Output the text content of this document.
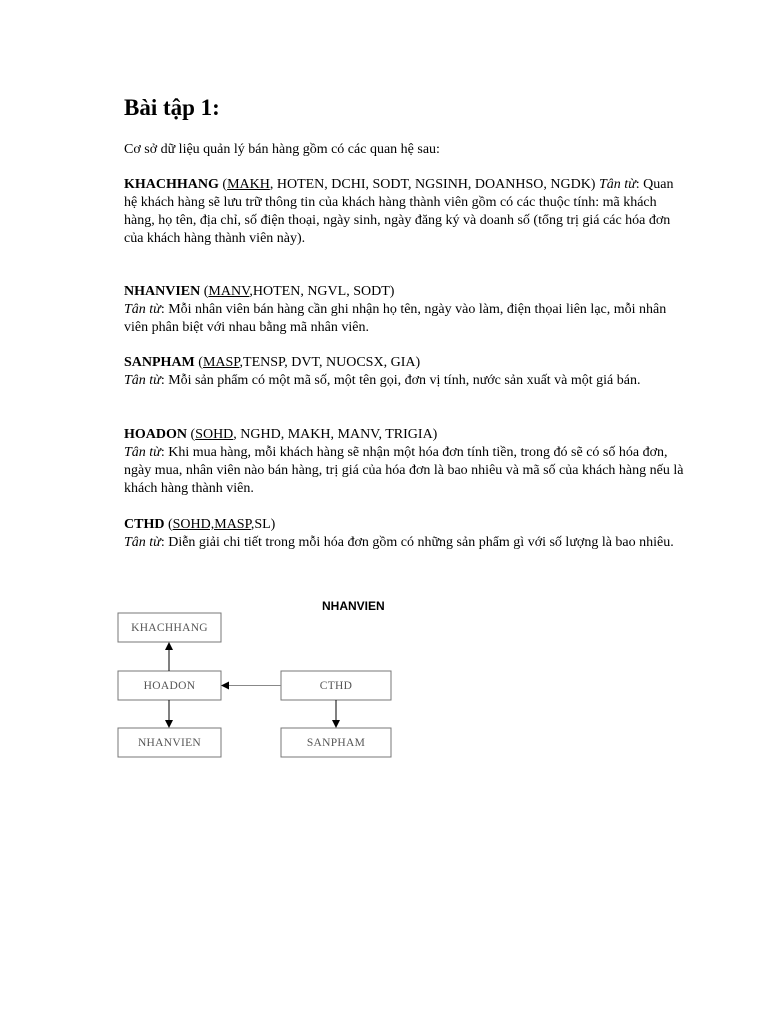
Bài tập 1:
Cơ sở dữ liệu quản lý bán hàng gồm có các quan hệ sau:

KHACHHANG (MAKH, HOTEN, DCHI, SODT, NGSINH, DOANHSO, NGDK) Tân từ: Quan hệ khách hàng sẽ lưu trữ thông tin của khách hàng thành viên gồm có các thuộc tính: mã khách hàng, họ tên, địa chỉ, số điện thoại, ngày sinh, ngày đăng ký và doanh số (tổng trị giá các hóa đơn của khách hàng thành viên này).

NHANVIEN (MANV,HOTEN, NGVL, SODT)

Tân từ: Mỗi nhân viên bán hàng cần ghi nhận họ tên, ngày vào làm, điện thọai liên lạc, mỗi nhân viên phân biệt với nhau bằng mã nhân viên.

SANPHAM (MASP,TENSP, DVT, NUOCSX, GIA)

Tân từ: Mỗi sản phẩm có một mã số, một tên gọi, đơn vị tính, nước sản xuất và một giá bán.

HOADON (SOHD, NGHD, MAKH, MANV, TRIGIA)

Tân từ: Khi mua hàng, mỗi khách hàng sẽ nhận một hóa đơn tính tiền, trong đó sẽ có số hóa đơn, ngày mua, nhân viên nào bán hàng, trị giá của hóa đơn là bao nhiêu và mã số của khách hàng nếu là khách hàng thành viên.

CTHD (SOHD,MASP,SL)

Tân từ: Diễn giải chi tiết trong mỗi hóa đơn gồm có những sản phẩm gì với số lượng là bao nhiêu.

NHANVIEN
KHACHHANG
HOADON	CTHD
NHANVIEN	SANPHAM
